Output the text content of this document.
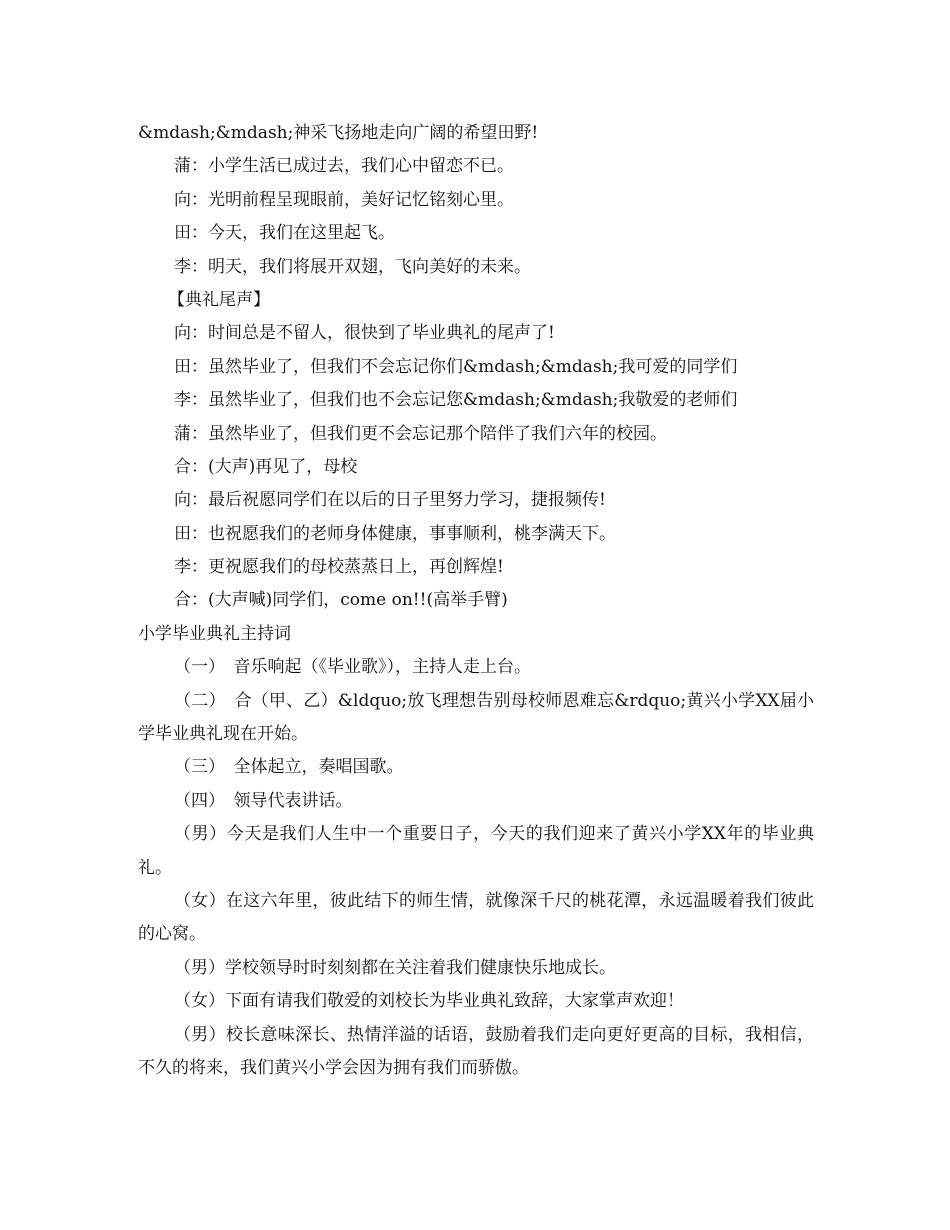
&mdash;&mdash;神采飞扬地走向广阔的希望田野!
蒲：小学生活已成过去，我们心中留恋不已。
向：光明前程呈现眼前，美好记忆铭刻心里。
田：今天，我们在这里起飞。
李：明天，我们将展开双翅，飞向美好的未来。
【典礼尾声】
向：时间总是不留人，很快到了毕业典礼的尾声了!
田：虽然毕业了，但我们不会忘记你们&mdash;&mdash;我可爱的同学们
李：虽然毕业了，但我们也不会忘记您&mdash;&mdash;我敬爱的老师们
蒲：虽然毕业了，但我们更不会忘记那个陪伴了我们六年的校园。
合：(大声)再见了，母校
向：最后祝愿同学们在以后的日子里努力学习，捷报频传!
田：也祝愿我们的老师身体健康，事事顺利，桃李满天下。
李：更祝愿我们的母校蒸蒸日上，再创辉煌!
合：(大声喊)同学们，come on!!(高举手臂)
小学毕业典礼主持词
（一）　音乐响起（《毕业歌》），主持人走上台。
（二）　合（甲、乙）&ldquo;放飞理想告别母校师恩难忘&rdquo;黄兴小学XX届小学毕业典礼现在开始。
（三）　全体起立，奏唱国歌。
（四）　领导代表讲话。
（男）今天是我们人生中一个重要日子，今天的我们迎来了黄兴小学XX年的毕业典礼。
（女）在这六年里，彼此结下的师生情，就像深千尺的桃花潭，永远温暖着我们彼此的心窝。
（男）学校领导时时刻刻都在关注着我们健康快乐地成长。
（女）下面有请我们敬爱的刘校长为毕业典礼致辞，大家掌声欢迎！
（男）校长意味深长、热情洋溢的话语，鼓励着我们走向更好更高的目标，我相信，不久的将来，我们黄兴小学会因为拥有我们而骄傲。
